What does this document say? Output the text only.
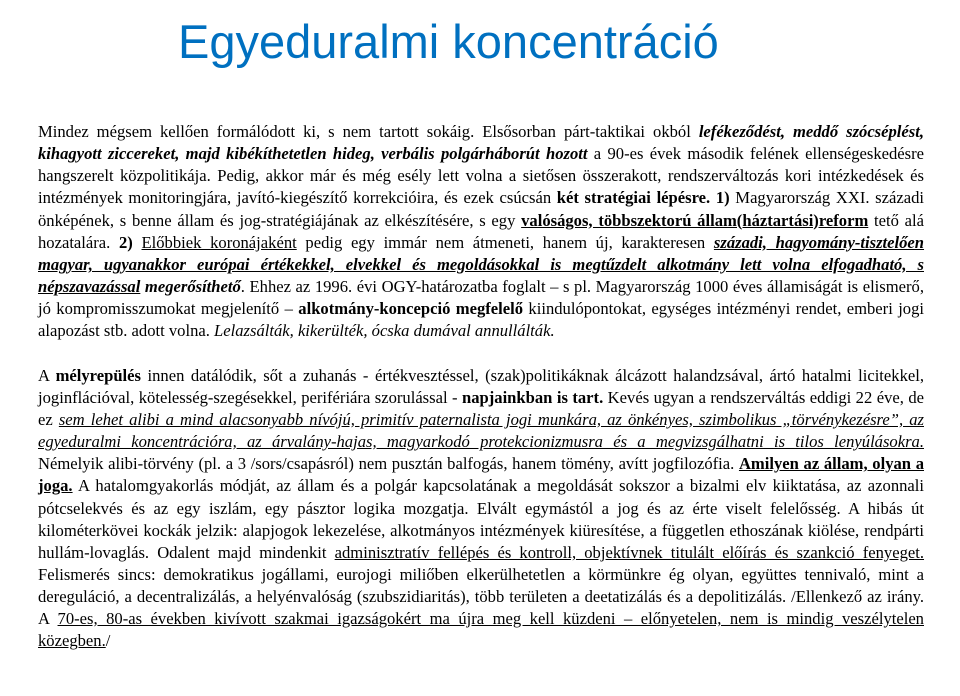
Egyeduralmi koncentráció

Mindez mégsem kellően formálódott ki, s nem tartott sokáig. Elsősorban párt-taktikai okból lefékeződést, meddő szócséplést, kihagyott ziccereket, majd kibékíthetetlen hideg, verbális polgárháborút hozott a 90-es évek második felének ellenségeskedésre hangszerelt közpolitikája. Pedig, akkor már és még esély lett volna a sietősen összerakott, rendszerváltozás kori intézkedések és intézmények monitoringjára, javító-kiegészítő korrekcióira, és ezek csúcsán két stratégiai lépésre. 1) Magyarország XXI. századi önképének, s benne állam és jog-stratégiájának az elkészítésére, s egy valóságos, többszektorú állam(háztartási)reform tető alá hozatalára. 2) Előbbiek koronájaként pedig egy immár nem átmeneti, hanem új, karakteresen századi, hagyomány-tisztelően magyar, ugyanakkor európai értékekkel, elvekkel és megoldásokkal is megtűzdelt alkotmány lett volna elfogadható, s népszavazással megerősíthető. Ehhez az 1996. évi OGY-határozatba foglalt – s pl. Magyarország 1000 éves államiságát is elismerő, jó kompromisszumokat megjelenítő – alkotmány-koncepció megfelelő kiindulópontokat, egységes intézményi rendet, emberi jogi alapozást stb. adott volna. Lelazsálták, kikerülték, ócska dumával annullálták.

A mélyrepülés innen datálódik, sőt a zuhanás - értékvesztéssel, (szak)politikáknak álcázott halandzsával, ártó hatalmi licitekkel, joginflációval, kötelesség-szegésekkel, perifériára szorulással - napjainkban is tart. Kevés ugyan a rendszerváltás eddigi 22 éve, de ez sem lehet alibi a mind alacsonyabb nívójú, primitív paternalista jogi munkára, az önkényes, szimbolikus „törvénykezésre”, az egyeduralmi koncentrációra, az árvalány-hajas, magyarkodó protekcionizmusra és a megvizsgálhatni is tilos lenyúlásokra. Némelyik alibi-törvény (pl. a 3 /sors/csapásról) nem pusztán balfogás, hanem tömény, avítt jogfilozófia. Amilyen az állam, olyan a joga. A hatalomgyakorlás módját, az állam és a polgár kapcsolatának a megoldását sokszor a bizalmi elv kiiktatása, az azonnali pótcselekvés és az egy iszlám, egy pásztor logika mozgatja. Elvált egymástól a jog és az érte viselt felelősség. A hibás út kilométerkövei kockák jelzik: alapjogok lekezelése, alkotmányos intézmények kiüresítése, a független ethoszának kiölése, rendpárti hullám-lovaglás. Odalent majd mindenkit adminisztratív fellépés és kontroll, objektívnek titulált előírás és szankció fenyeget. Felismerés sincs: demokratikus jogállami, eurojogi miliőben elkerülhetetlen a körmünkre ég olyan, együttes tennivaló, mint a dereguláció, a decentralizálás, a helyénvalóság (szubszidiaritás), több területen a deetatizálás és a depolitizálás. /Ellenkező az irány. A 70-es, 80-as években kivívott szakmai igazságokért ma újra meg kell küzdeni – előnyetelen, nem is mindig veszélytelen közegben./
